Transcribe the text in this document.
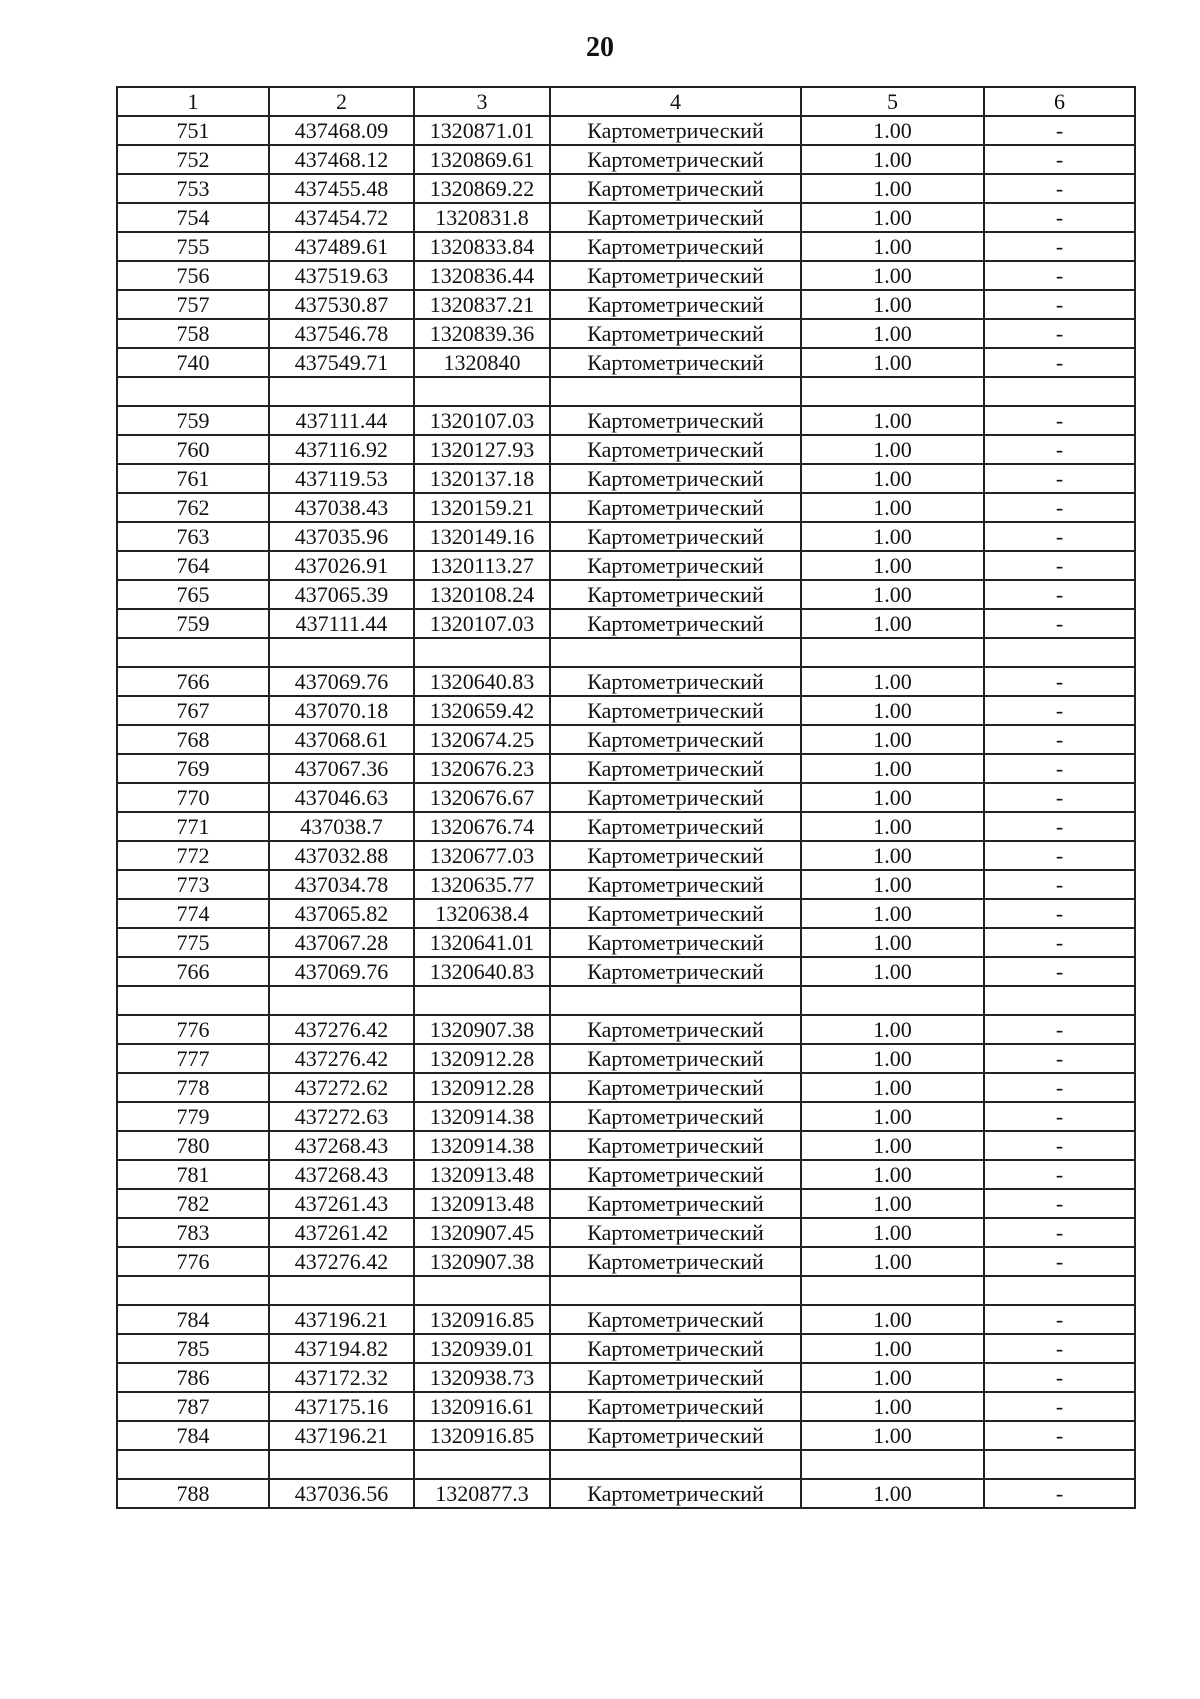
20
1	2	3	4	5	6
751	437468.09	1320871.01	Картометрический	1.00	-
752	437468.12	1320869.61	Картометрический	1.00	-
753	437455.48	1320869.22	Картометрический	1.00	-
754	437454.72	1320831.8	Картометрический	1.00	-
755	437489.61	1320833.84	Картометрический	1.00	-
756	437519.63	1320836.44	Картометрический	1.00	-
757	437530.87	1320837.21	Картометрический	1.00	-
758	437546.78	1320839.36	Картометрический	1.00	-
740	437549.71	1320840	Картометрический	1.00	-

759	437111.44	1320107.03	Картометрический	1.00	-
760	437116.92	1320127.93	Картометрический	1.00	-
761	437119.53	1320137.18	Картометрический	1.00	-
762	437038.43	1320159.21	Картометрический	1.00	-
763	437035.96	1320149.16	Картометрический	1.00	-
764	437026.91	1320113.27	Картометрический	1.00	-
765	437065.39	1320108.24	Картометрический	1.00	-
759	437111.44	1320107.03	Картометрический	1.00	-

766	437069.76	1320640.83	Картометрический	1.00	-
767	437070.18	1320659.42	Картометрический	1.00	-
768	437068.61	1320674.25	Картометрический	1.00	-
769	437067.36	1320676.23	Картометрический	1.00	-
770	437046.63	1320676.67	Картометрический	1.00	-
771	437038.7	1320676.74	Картометрический	1.00	-
772	437032.88	1320677.03	Картометрический	1.00	-
773	437034.78	1320635.77	Картометрический	1.00	-
774	437065.82	1320638.4	Картометрический	1.00	-
775	437067.28	1320641.01	Картометрический	1.00	-
766	437069.76	1320640.83	Картометрический	1.00	-

776	437276.42	1320907.38	Картометрический	1.00	-
777	437276.42	1320912.28	Картометрический	1.00	-
778	437272.62	1320912.28	Картометрический	1.00	-
779	437272.63	1320914.38	Картометрический	1.00	-
780	437268.43	1320914.38	Картометрический	1.00	-
781	437268.43	1320913.48	Картометрический	1.00	-
782	437261.43	1320913.48	Картометрический	1.00	-
783	437261.42	1320907.45	Картометрический	1.00	-
776	437276.42	1320907.38	Картометрический	1.00	-

784	437196.21	1320916.85	Картометрический	1.00	-
785	437194.82	1320939.01	Картометрический	1.00	-
786	437172.32	1320938.73	Картометрический	1.00	-
787	437175.16	1320916.61	Картометрический	1.00	-
784	437196.21	1320916.85	Картометрический	1.00	-

788	437036.56	1320877.3	Картометрический	1.00	-
